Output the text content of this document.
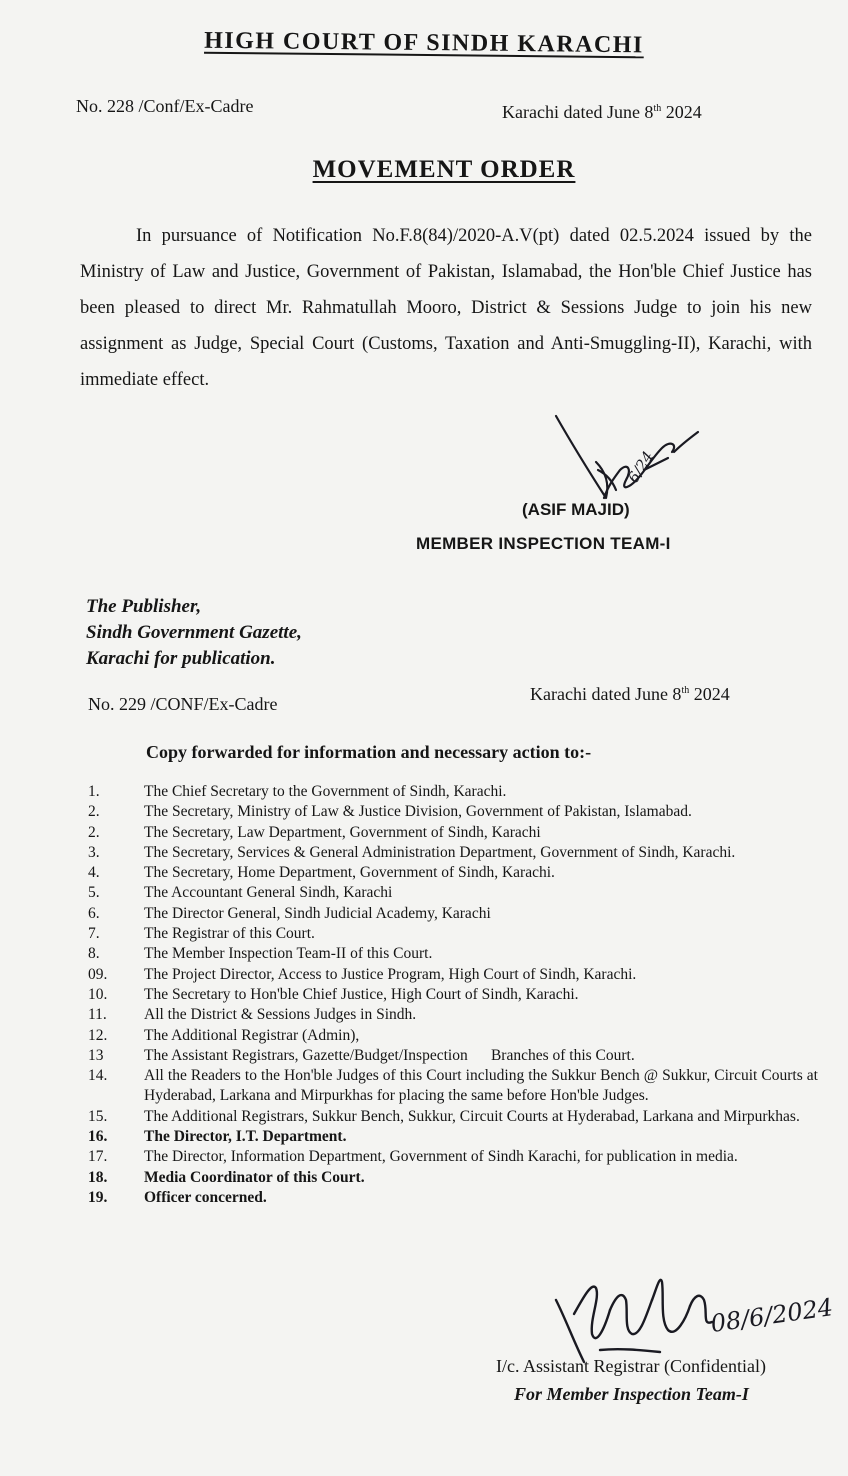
HIGH COURT OF SINDH KARACHI
No. 228 /Conf/Ex-Cadre	Karachi dated June 8th 2024
MOVEMENT ORDER
In pursuance of Notification No.F.8(84)/2020-A.V(pt) dated 02.5.2024 issued by the Ministry of Law and Justice, Government of Pakistan, Islamabad, the Hon'ble Chief Justice has been pleased to direct Mr. Rahmatullah Mooro, District & Sessions Judge to join his new assignment as Judge, Special Court (Customs, Taxation and Anti-Smuggling-II), Karachi, with immediate effect.
08/6/2024
6/24
(ASIF MAJID)
MEMBER INSPECTION TEAM-I
The Publisher,
Sindh Government Gazette,
Karachi for publication.
No. 229 /CONF/Ex-Cadre	Karachi dated June 8th 2024
Copy forwarded for information and necessary action to:-
1.	The Chief Secretary to the Government of Sindh, Karachi.
2.	The Secretary, Ministry of Law & Justice Division, Government of Pakistan, Islamabad.
2.	The Secretary, Law Department, Government of Sindh, Karachi
3.	The Secretary, Services & General Administration Department, Government of Sindh, Karachi.
4.	The Secretary, Home Department, Government of Sindh, Karachi.
5.	The Accountant General Sindh, Karachi
6.	The Director General, Sindh Judicial Academy, Karachi
7.	The Registrar of this Court.
8.	The Member Inspection Team-II of this Court.
09.	The Project Director, Access to Justice Program, High Court of Sindh, Karachi.
10.	The Secretary to Hon'ble Chief Justice, High Court of Sindh, Karachi.
11.	All the District & Sessions Judges in Sindh.
12.	The Additional Registrar (Admin),
13	The Assistant Registrars, Gazette/Budget/Inspection      Branches of this Court.
14.	All the Readers to the Hon'ble Judges of this Court including the Sukkur Bench @ Sukkur, Circuit Courts at Hyderabad, Larkana and Mirpurkhas for placing the same before Hon'ble Judges.
15.	The Additional Registrars, Sukkur Bench, Sukkur, Circuit Courts at Hyderabad, Larkana and Mirpurkhas.
16.	The Director, I.T. Department.
17.	The Director, Information Department, Government of Sindh Karachi, for publication in media.
18.	Media Coordinator of this Court.
19.	Officer concerned.
I/c. Assistant Registrar (Confidential)
For Member Inspection Team-I
